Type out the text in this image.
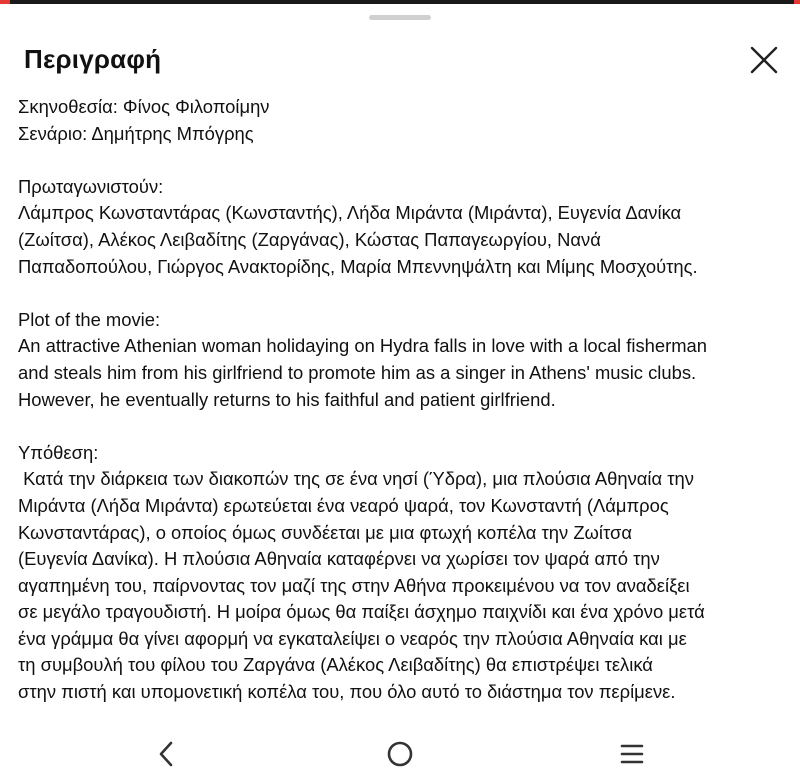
Περιγραφή

Σκηνοθεσία: Φίνος Φιλοποίμην

Σενάριο: Δημήτρης Μπόγρης

Πρωταγωνιστούν:

Λάμπρος Κωνσταντάρας (Κωνσταντής), Λήδα Μιράντα (Μιράντα), Ευγενία Δανίκα

(Ζωίτσα), Αλέκος Λειβαδίτης (Ζαργάνας), Κώστας Παπαγεωργίου, Νανά

Παπαδοπούλου, Γιώργος Ανακτορίδης, Μαρία Μπεννηψάλτη και Μίμης Μοσχούτης.

Plot of the movie:

An attractive Athenian woman holidaying on Hydra falls in love with a local fisherman

and steals him from his girlfriend to promote him as a singer in Athens' music clubs.

However, he eventually returns to his faithful and patient girlfriend.

Υπόθεση:

Κατά την διάρκεια των διακοπών της σε ένα νησί (Ύδρα), μια πλούσια Αθηναία την

Μιράντα (Λήδα Μιράντα) ερωτεύεται ένα νεαρό ψαρά, τον Κωνσταντή (Λάμπρος

Κωνσταντάρας), ο οποίος όμως συνδέεται με μια φτωχή κοπέλα την Ζωίτσα

(Ευγενία Δανίκα). Η πλούσια Αθηναία καταφέρνει να χωρίσει τον ψαρά από την

αγαπημένη του, παίρνοντας τον μαζί της στην Αθήνα προκειμένου να τον αναδείξει

σε μεγάλο τραγουδιστή. Η μοίρα όμως θα παίξει άσχημο παιχνίδι και ένα χρόνο μετά

ένα γράμμα θα γίνει αφορμή να εγκαταλείψει ο νεαρός την πλούσια Αθηναία και με

τη συμβουλή του φίλου του Ζαργάνα (Αλέκος Λειβαδίτης) θα επιστρέψει τελικά

στην πιστή και υπομονετική κοπέλα του, που όλο αυτό το διάστημα τον περίμενε.
